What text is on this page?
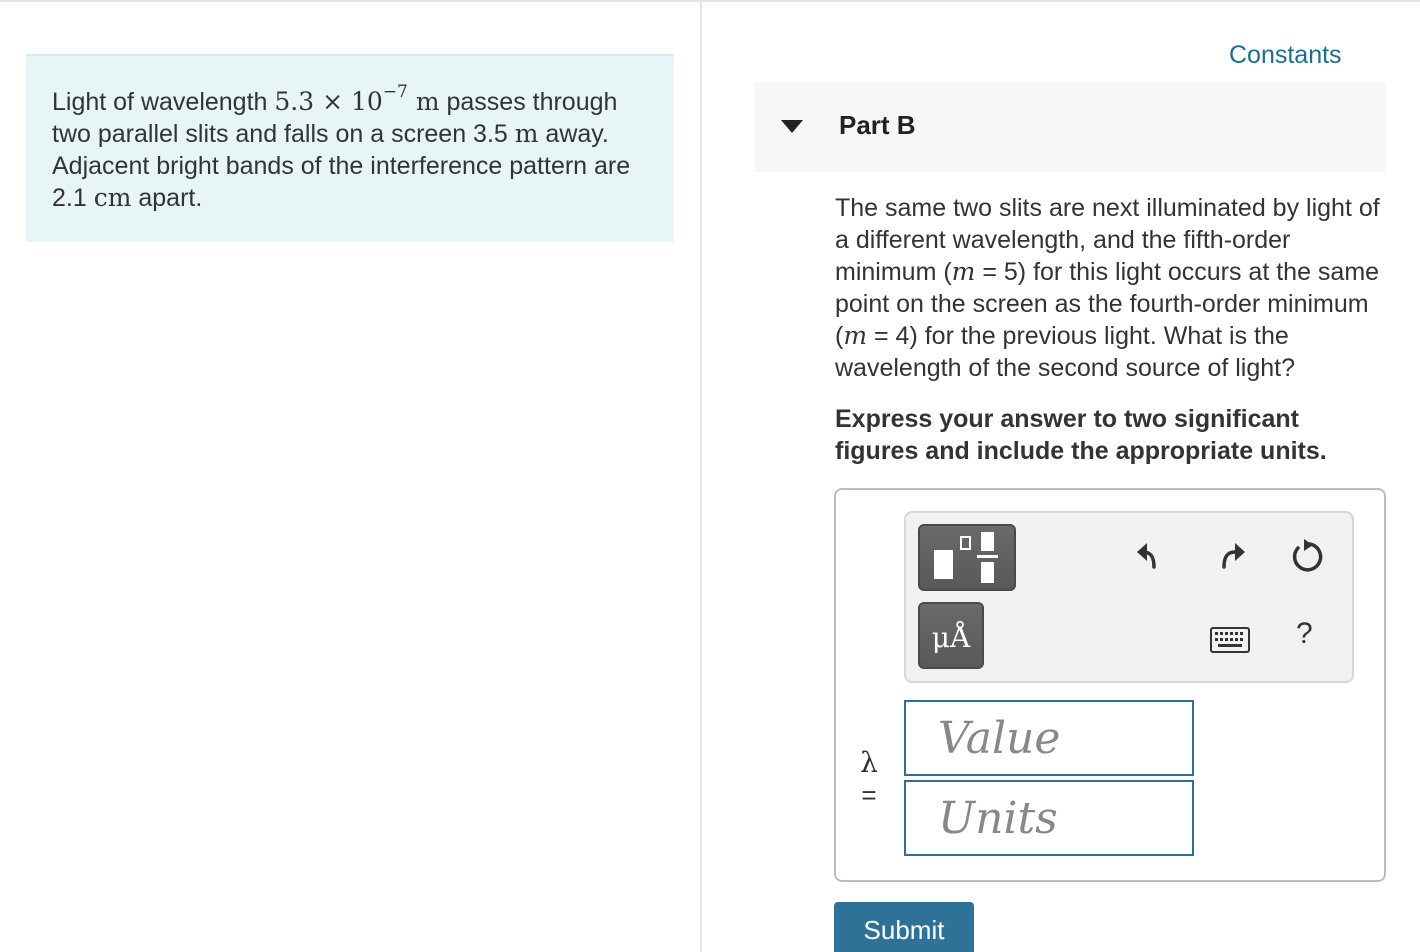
Light of wavelength $5.3 \times 10^{-7}$ m passes through two parallel slits and falls on a screen 3.5 m away. Adjacent bright bands of the interference pattern are 2.1 cm apart.
Constants
Part B
The same two slits are next illuminated by light of a different wavelength, and the fifth-order minimum (m = 5) for this light occurs at the same point on the screen as the fourth-order minimum (m = 4) for the previous light. What is the wavelength of the second source of light?
Express your answer to two significant figures and include the appropriate units.
μÅ	?
λ
=
Value
Units
Submit
